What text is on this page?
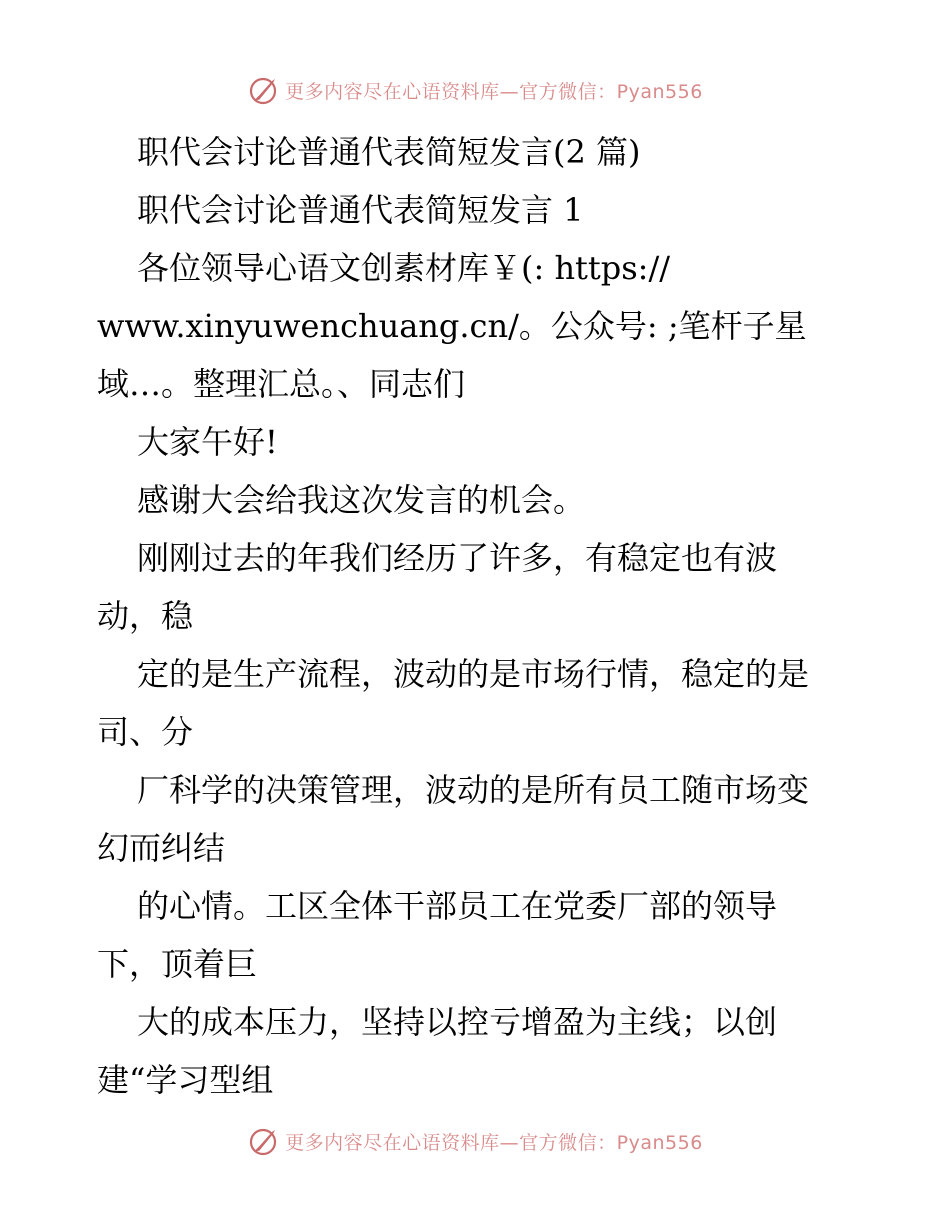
更多内容尽在心语资料库—官方微信：Pyan556

职代会讨论普通代表简短发言(2 篇)

职代会讨论普通代表简短发言 1

各位领导心语文创素材库￥(: https://

www.xinyuwenchuang.cn/。公众号: ;笔杆子星

域…。整理汇总。、同志们

大家午好!

感谢大会给我这次发言的机会。

刚刚过去的年我们经历了许多，有稳定也有波

动，稳

定的是生产流程，波动的是市场行情，稳定的是

司、分

厂科学的决策管理，波动的是所有员工随市场变

幻而纠结

的心情。工区全体干部员工在党委厂部的领导

下，顶着巨

大的成本压力，坚持以控亏增盈为主线；以创

建“学习型组

更多内容尽在心语资料库—官方微信：Pyan556
